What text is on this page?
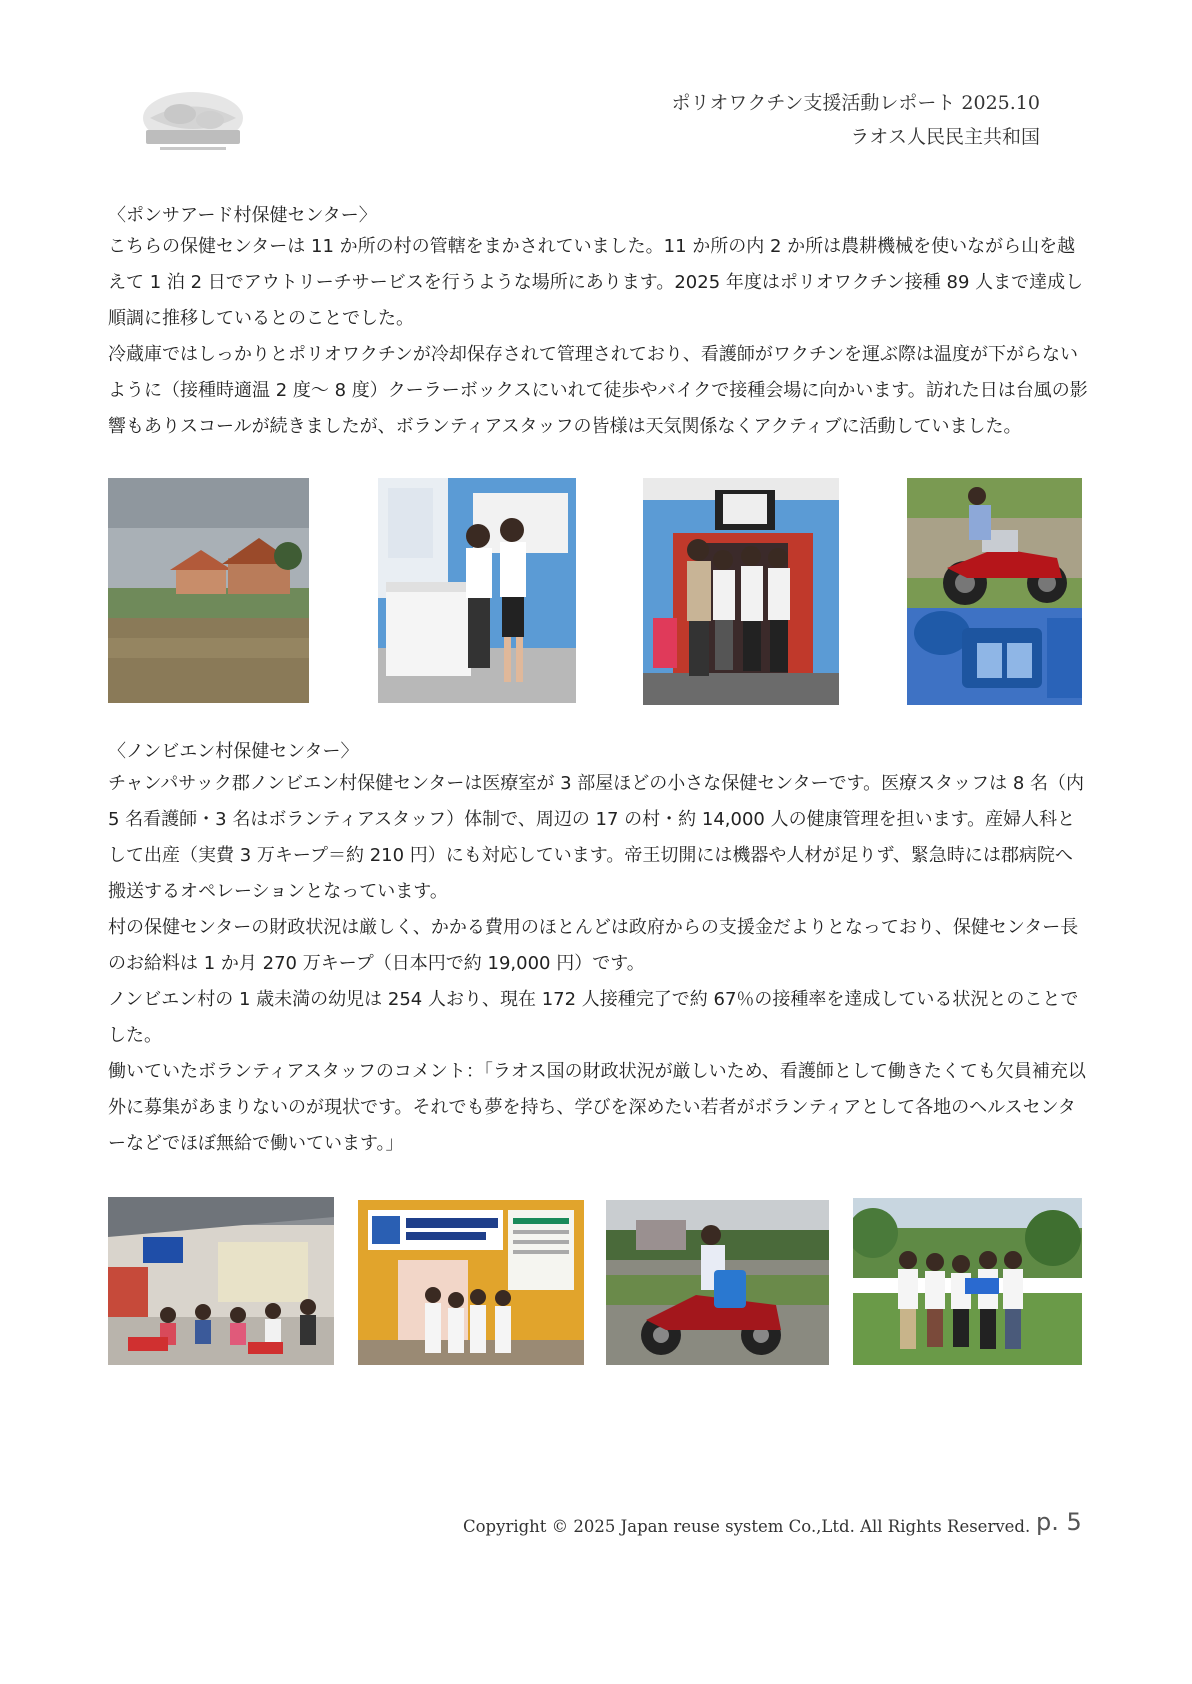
ポリオワクチン支援活動レポート 2025.10
ラオス人民民主共和国
〈ポンサアード村保健センター〉

こちらの保健センターは 11 か所の村の管轄をまかされていました。11 か所の内 2 か所は農耕機械を使いながら山を越えて 1 泊 2 日でアウトリーチサービスを行うような場所にあります。2025 年度はポリオワクチン接種 89 人まで達成し順調に推移しているとのことでした。

冷蔵庫ではしっかりとポリオワクチンが冷却保存されて管理されており、看護師がワクチンを運ぶ際は温度が下がらないように（接種時適温 2 度～ 8 度）クーラーボックスにいれて徒歩やバイクで接種会場に向かいます。訪れた日は台風の影響もありスコールが続きましたが、ボランティアスタッフの皆様は天気関係なくアクティブに活動していました。

〈ノンビエン村保健センター〉

チャンパサック郡ノンビエン村保健センターは医療室が 3 部屋ほどの小さな保健センターです。医療スタッフは 8 名（内 5 名看護師・3 名はボランティアスタッフ）体制で、周辺の 17 の村・約 14,000 人の健康管理を担います。産婦人科として出産（実費 3 万キープ＝約 210 円）にも対応しています。帝王切開には機器や人材が足りず、緊急時には郡病院へ搬送するオペレーションとなっています。

村の保健センターの財政状況は厳しく、かかる費用のほとんどは政府からの支援金だよりとなっており、保健センター長のお給料は 1 か月 270 万キープ（日本円で約 19,000 円）です。

ノンビエン村の 1 歳未満の幼児は 254 人おり、現在 172 人接種完了で約 67％の接種率を達成している状況とのことでした。

働いていたボランティアスタッフのコメント：「ラオス国の財政状況が厳しいため、看護師として働きたくても欠員補充以外に募集があまりないのが現状です。それでも夢を持ち、学びを深めたい若者がボランティアとして各地のヘルスセンターなどでほぼ無給で働いています。」

Copyright © 2025 Japan reuse system Co.,Ltd. All Rights Reserved. p. 5
